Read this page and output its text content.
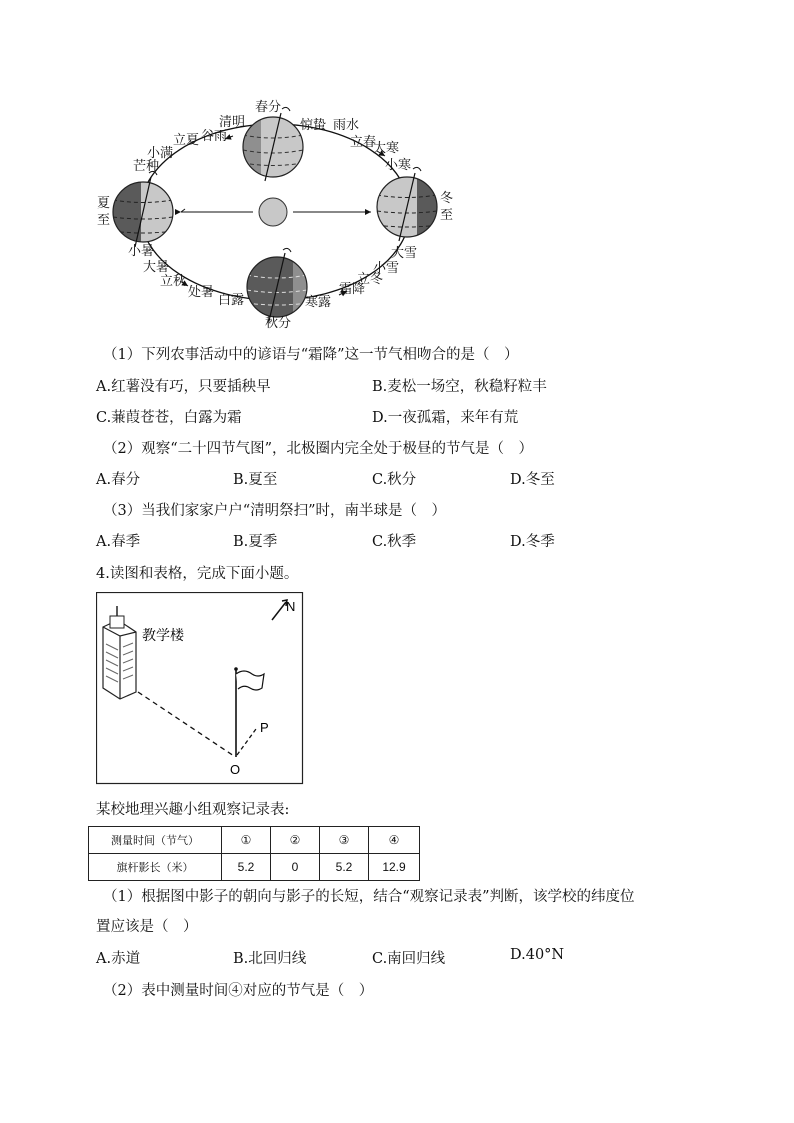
春分
惊蛰 雨水
立春
大寒
小寒
冬
至
大雪
小雪
立冬
霜降
寒露
秋分
白露
处暑
立秋
大暑
小暑
夏
至
芒种
小满
立夏 谷雨
清明
（1）下列农事活动中的谚语与“霜降”这一节气相吻合的是（　）
A.红薯没有巧，只要插秧早	B.麦松一场空，秋稳籽粒丰
C.蒹葭苍苍，白露为霜	D.一夜孤霜，来年有荒
（2）观察“二十四节气图”，北极圈内完全处于极昼的节气是（　）
A.春分	B.夏至	C.秋分	D.冬至
（3）当我们家家户户“清明祭扫”时，南半球是（　）
A.春季	B.夏季	C.秋季	D.冬季
4.读图和表格，完成下面小题。
N
教学楼
P
O
某校地理兴趣小组观察记录表:
测量时间（节气）	①	②	③	④
旗杆影长（米）	5.2	0	5.2	12.9
（1）根据图中影子的朝向与影子的长短，结合“观察记录表”判断，该学校的纬度位
置应该是（　）
A.赤道	B.北回归线	C.南回归线	D.40°N
（2）表中测量时间④对应的节气是（　）
